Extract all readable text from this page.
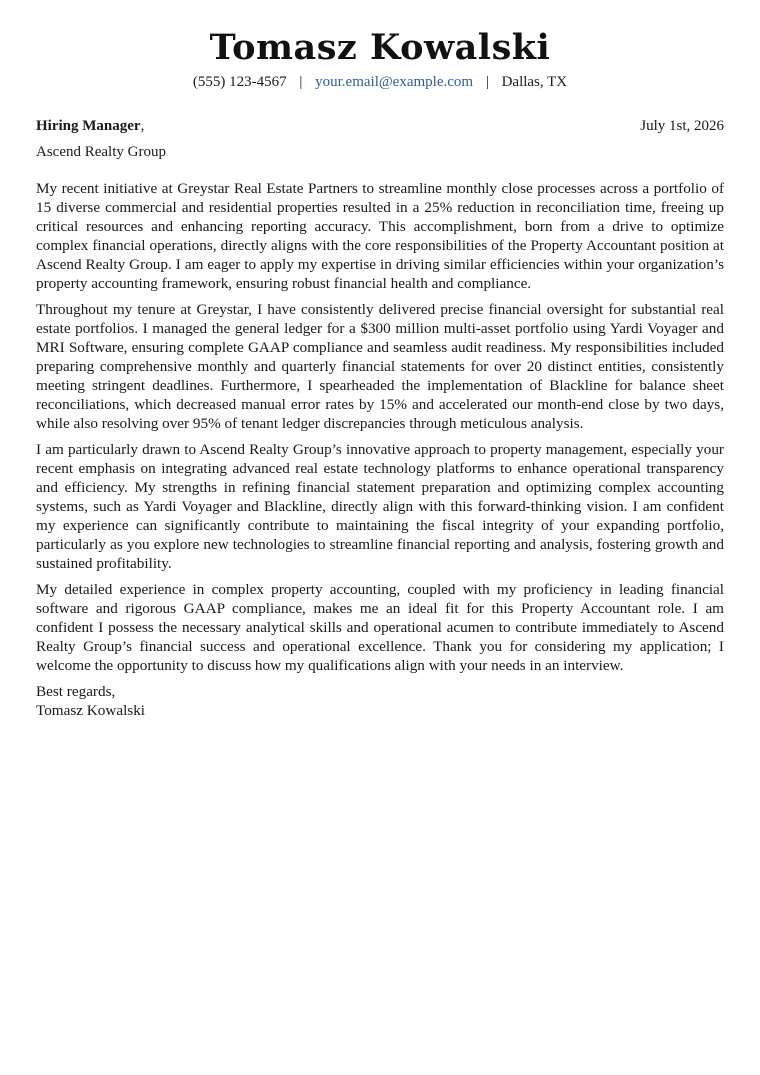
Tomasz Kowalski
(555) 123-4567 | your.email@example.com | Dallas, TX
Hiring Manager,	July 1st, 2026
Ascend Realty Group

My recent initiative at Greystar Real Estate Partners to streamline monthly close processes across a portfolio of 15 diverse commercial and residential properties resulted in a 25% reduction in reconciliation time, freeing up critical resources and enhancing reporting accuracy. This accomplishment, born from a drive to optimize complex financial operations, directly aligns with the core responsibilities of the Property Accountant position at Ascend Realty Group. I am eager to apply my expertise in driving similar efficiencies within your organization’s property accounting framework, ensuring robust financial health and compliance.

Throughout my tenure at Greystar, I have consistently delivered precise financial oversight for substantial real estate portfolios. I managed the general ledger for a $300 million multi-asset portfolio using Yardi Voyager and MRI Software, ensuring complete GAAP compliance and seamless audit readiness. My responsibilities included preparing comprehensive monthly and quarterly financial statements for over 20 distinct entities, consistently meeting stringent deadlines. Furthermore, I spearheaded the implementation of Blackline for balance sheet reconciliations, which decreased manual error rates by 15% and accelerated our month-end close by two days, while also resolving over 95% of tenant ledger discrepancies through meticulous analysis.

I am particularly drawn to Ascend Realty Group’s innovative approach to property management, especially your recent emphasis on integrating advanced real estate technology platforms to enhance operational transparency and efficiency. My strengths in refining financial statement preparation and optimizing complex accounting systems, such as Yardi Voyager and Blackline, directly align with this forward-thinking vision. I am confident my experience can significantly contribute to maintaining the fiscal integrity of your expanding portfolio, particularly as you explore new technologies to streamline financial reporting and analysis, fostering growth and sustained profitability.

My detailed experience in complex property accounting, coupled with my proficiency in leading financial software and rigorous GAAP compliance, makes me an ideal fit for this Property Accountant role. I am confident I possess the necessary analytical skills and operational acumen to contribute immediately to Ascend Realty Group’s financial success and operational excellence. Thank you for considering my application; I welcome the opportunity to discuss how my qualifications align with your needs in an interview.

Best regards,
Tomasz Kowalski
